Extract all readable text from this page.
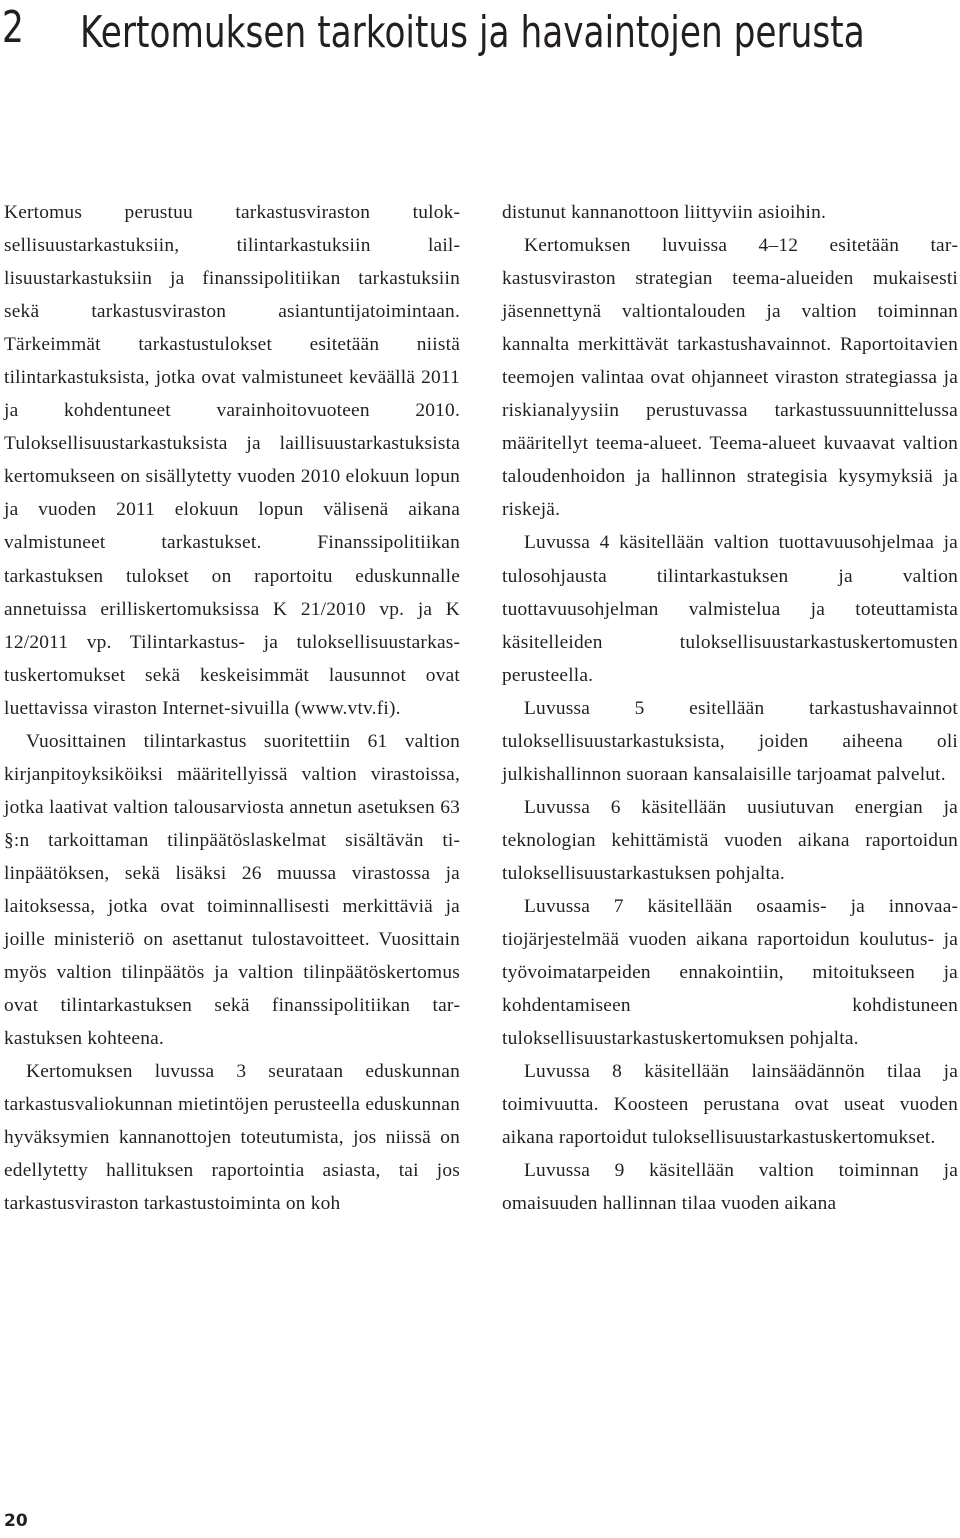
2 Kertomuksen tarkoitus ja havaintojen perusta

Kertomus perustuu tarkastusviraston tuloksellisuustarkastuksiin, tilintarkastuksiin laillisuustarkastuksiin ja finanssipolitiikan tarkastuksiin sekä tarkastusviraston asiantuntijatoimintaan. Tärkeimmät tarkastustulokset esitetään niistä tilintarkastuksista, jotka ovat valmistuneet keväällä 2011 ja kohdentuneet varainhoitovuoteen 2010. Tuloksellisuustarkastuksista ja laillisuustarkastuksista kertomukseen on sisällytetty vuoden 2010 elokuun lopun ja vuoden 2011 elokuun lopun välisenä aikana valmistuneet tarkastukset. Finanssipolitiikan tarkastuksen tulokset on raportoitu eduskunnalle annetuissa erilliskertomuksissa K 21/2010 vp. ja K 12/2011 vp. Tilintarkastus- ja tuloksellisuustarkastuskertomukset sekä keskeisimmät lausunnot ovat luettavissa viraston Internet-sivuilla (www.vtv.fi).

Vuosittainen tilintarkastus suoritettiin 61 valtion kirjanpitoyksiköiksi määritellyissä valtion virastoissa, jotka laativat valtion talousarviosta annetun asetuksen 63 §:n tarkoittaman tilinpäätöslaskelmat sisältävän tilinpäätöksen, sekä lisäksi 26 muussa virastossa ja laitoksessa, jotka ovat toiminnallisesti merkittäviä ja joille ministeriö on asettanut tulostavoitteet. Vuosittain myös valtion tilinpäätös ja valtion tilinpäätöskertomus ovat tilintarkastuksen sekä finanssipolitiikan tarkastuksen kohteena.

Kertomuksen luvussa 3 seurataan eduskunnan tarkastusvaliokunnan mietintöjen perusteella eduskunnan hyväksymien kannanottojen toteutumista, jos niissä on edellytetty hallituksen raportointia asiasta, tai jos tarkastusviraston tarkastustoiminta on koh

distunut kannanottoon liittyviin asioihin.

Kertomuksen luvuissa 4–12 esitetään tarkastusviraston strategian teema-alueiden mukaisesti jäsennettynä valtiontalouden ja valtion toiminnan kannalta merkittävät tarkastushavainnot. Raportoitavien teemojen valintaa ovat ohjanneet viraston strategiassa ja riskianalyysiin perustuvassa tarkastussuunnittelussa määritellyt teema-alueet. Teema-alueet kuvaavat valtion taloudenhoidon ja hallinnon strategisia kysymyksiä ja riskejä.

Luvussa 4 käsitellään valtion tuottavuusohjelmaa ja tulosohjausta tilintarkastuksen ja valtion tuottavuusohjelman valmistelua ja toteuttamista käsitelleiden tuloksellisuustarkastuskertomusten perusteella.

Luvussa 5 esitellään tarkastushavainnot tuloksellisuustarkastuksista, joiden aiheena oli julkishallinnon suoraan kansalaisille tarjoamat palvelut.

Luvussa 6 käsitellään uusiutuvan energian ja teknologian kehittämistä vuoden aikana raportoidun tuloksellisuustarkastuksen pohjalta.

Luvussa 7 käsitellään osaamis- ja innovaatiojärjestelmää vuoden aikana raportoidun koulutus- ja työvoimatarpeiden ennakointiin, mitoitukseen ja kohdentamiseen kohdistuneen tuloksellisuustarkastuskertomuksen pohjalta.

Luvussa 8 käsitellään lainsäädännön tilaa ja toimivuutta. Koosteen perustana ovat useat vuoden aikana raportoidut tuloksellisuustarkastuskertomukset.

Luvussa 9 käsitellään valtion toiminnan ja omaisuuden hallinnan tilaa vuoden aikana

20
